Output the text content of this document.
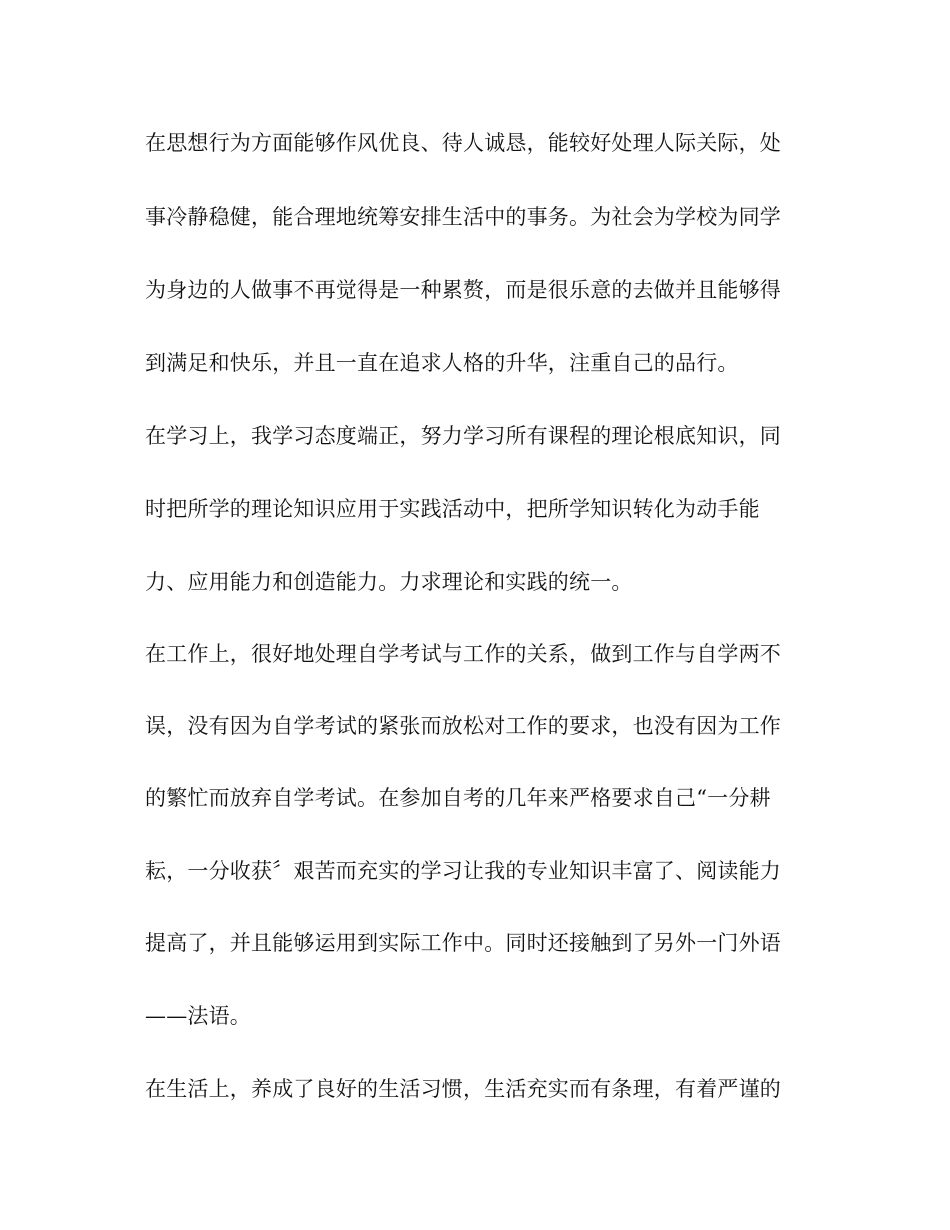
在思想行为方面能够作风优良、待人诚恳，能较好处理人际关际，处
事冷静稳健，能合理地统筹安排生活中的事务。为社会为学校为同学
为身边的人做事不再觉得是一种累赘，而是很乐意的去做并且能够得
到满足和快乐，并且一直在追求人格的升华，注重自己的品行。
在学习上，我学习态度端正，努力学习所有课程的理论根底知识，同
时把所学的理论知识应用于实践活动中，把所学知识转化为动手能
力、应用能力和创造能力。力求理论和实践的统一。
在工作上，很好地处理自学考试与工作的关系，做到工作与自学两不
误，没有因为自学考试的紧张而放松对工作的要求，也没有因为工作
的繁忙而放弃自学考试。在参加自考的几年来严格要求自己“一分耕
耘，一分收获〞艰苦而充实的学习让我的专业知识丰富了、阅读能力
提高了，并且能够运用到实际工作中。同时还接触到了另外一门外语
——法语。
在生活上，养成了良好的生活习惯，生活充实而有条理，有着严谨的
